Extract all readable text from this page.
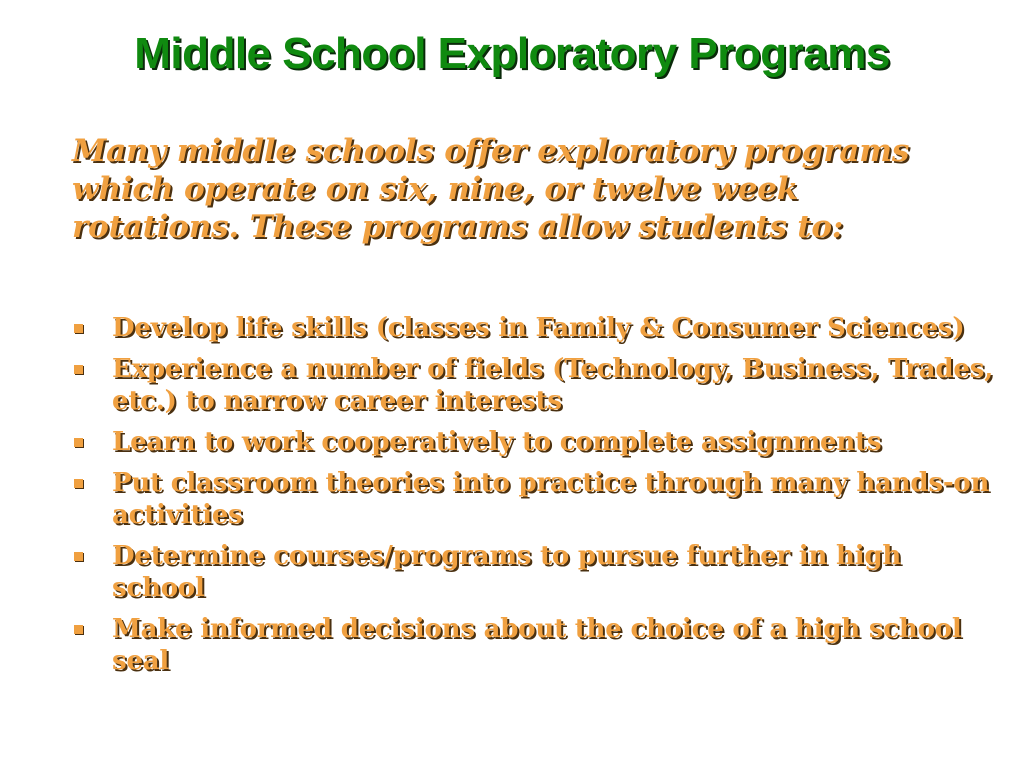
Middle School Exploratory Programs
Many middle schools offer exploratory programs which operate on six, nine, or twelve week rotations. These programs allow students to:
Develop life skills (classes in Family & Consumer Sciences)
Experience a number of fields (Technology, Business, Trades, etc.) to narrow career interests
Learn to work cooperatively to complete assignments
Put classroom theories into practice through many hands-on activities
Determine courses/programs to pursue further in high school
Make informed decisions about the choice of a high school seal
